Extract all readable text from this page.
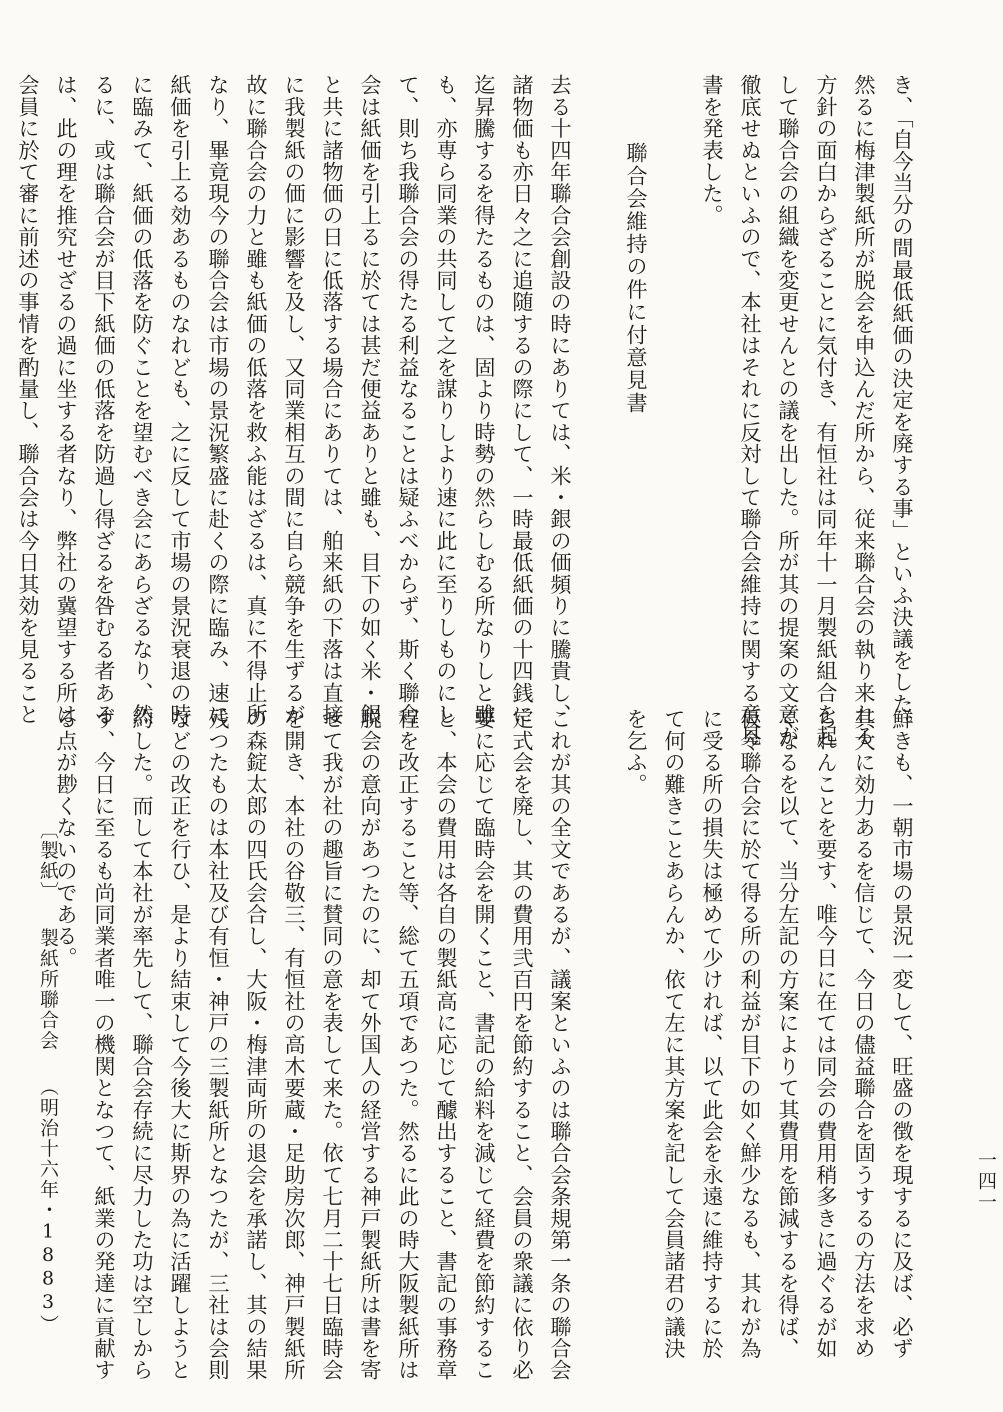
き、「自今当分の間最低紙価の決定を廃する事」といふ決議をした。
然るに梅津製紙所が脱会を申込んだ所から、従来聯合会の執り来れる
方針の面白からざることに気付き、有恒社は同年十一月製紙組合を起
して聯合会の組織を変更せんとの議を出した。所が其の提案の文意が
徹底せぬといふので、本社はそれに反対して聯合会維持に関する意見
書を発表した。
聯合会維持の件に付意見書
去る十四年聯合会創設の時にありては、米・銀の価頻りに騰貴し、
諸物価も亦日々之に追随するの際にして、一時最低紙価の十四銭に
迄昇騰するを得たるものは、固より時勢の然らしむる所なりしと雖
も、亦専ら同業の共同して之を謀りしより速に此に至りしものにし
て、則ち我聯合会の得たる利益なることは疑ふべからず、斯く聯合
会は紙価を引上るに於ては甚だ便益ありと雖も、目下の如く米・銀
と共に諸物価の日に低落する場合にありては、舶来紙の下落は直接
に我製紙の価に影響を及し、又同業相互の間に自ら競争を生ずるが
故に聯合会の力と雖も紙価の低落を救ふ能はざるは、真に不得止所
なり、畢竟現今の聯合会は市場の景況繁盛に赴くの際に臨み、速に
紙価を引上る効あるものなれども、之に反して市場の景況衰退の時
に臨みて、紙価の低落を防ぐことを望むべき会にあらざるなり、然
るに、或は聯合会が目下紙価の低落を防過し得ざるを咎むる者ある
は、此の理を推究せざるの過に坐する者なり、弊社の冀望する所は
会員に於て審に前述の事情を酌量し、聯合会は今日其効を見ること
鮮きも、一朝市場の景況一変して、旺盛の徴を現するに及ば、必ず
其大に効力あるを信じて、今日の儘益聯合を固うするの方法を求め
られんことを要す、唯今日に在ては同会の費用稍多きに過ぐるが如
くなるを以て、当分左記の方案によりて其費用を節減するを得ば、
仮令聯合会に於て得る所の利益が目下の如く鮮少なるも、其れが為
に受る所の損失は極めて少ければ、以て此会を永遠に維持するに於
て何の難きことあらんか、依て左に其方案を記して会員諸君の議決
を乞ふ。
これが其の全文であるが、議案といふのは聯合会条規第一条の聯合会
定式会を廃し、其の費用弐百円を節約すること、会員の衆議に依り必
要に応じて臨時会を開くこと、書記の給料を減じて経費を節約するこ
と、本会の費用は各自の製紙高に応じて醵出すること、書記の事務章
程を改正すること等、総て五項であつた。然るに此の時大阪製紙所は
脱会の意向があつたのに、却て外国人の経営する神戸製紙所は書を寄
せて我が社の趣旨に賛同の意を表して来た。依て七月二十七日臨時会
を開き、本社の谷敬三、有恒社の高木要蔵・足助房次郎、神戸製紙所
の森錠太郎の四氏会合し、大阪・梅津両所の退会を承諾し、其の結果
残つたものは本社及び有恒・神戸の三製紙所となつたが、三社は会則
などの改正を行ひ、是より結束して今後大に斯界の為に活躍しようと
約した。而して本社が率先して、聯合会存続に尽力した功は空しから
ず、今日に至るも尚同業者唯一の機関となつて、紙業の発達に貢献す
る点が尠くないのである。
〔製紙〕製紙所聯合会（明治十六年・1883）	一四一
